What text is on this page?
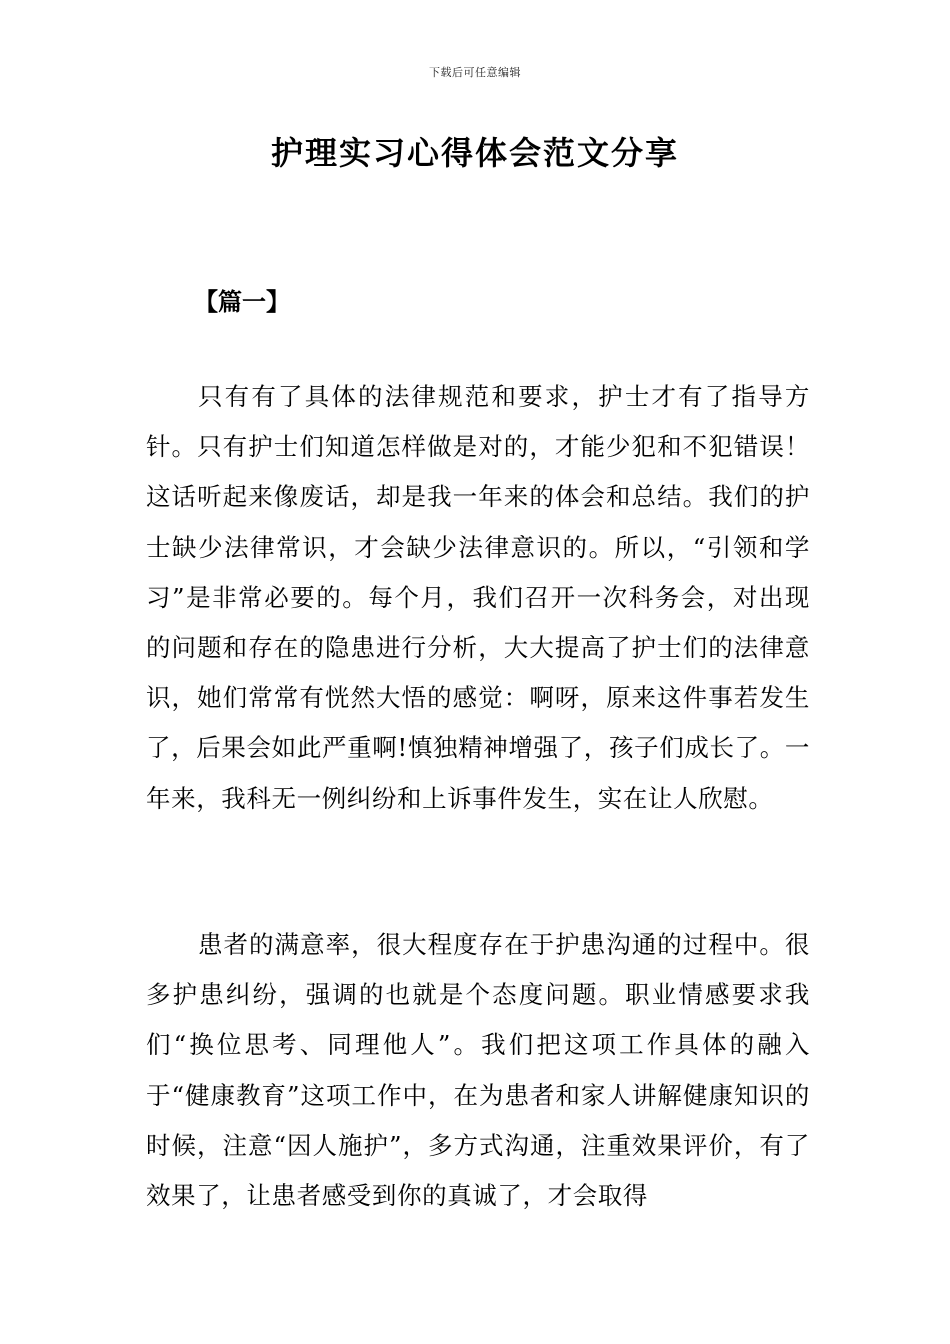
下载后可任意编辑
护理实习心得体会范文分享
【篇一】

只有有了具体的法律规范和要求，护士才有了指导方针。只有护士们知道怎样做是对的，才能少犯和不犯错误！这话听起来像废话，却是我一年来的体会和总结。我们的护士缺少法律常识，才会缺少法律意识的。所以，“引领和学习”是非常必要的。每个月，我们召开一次科务会，对出现的问题和存在的隐患进行分析，大大提高了护士们的法律意识，她们常常有恍然大悟的感觉：啊呀，原来这件事若发生了，后果会如此严重啊!慎独精神增强了，孩子们成长了。一年来，我科无一例纠纷和上诉事件发生，实在让人欣慰。

患者的满意率，很大程度存在于护患沟通的过程中。很多护患纠纷，强调的也就是个态度问题。职业情感要求我们“换位思考、同理他人”。我们把这项工作具体的融入于“健康教育”这项工作中，在为患者和家人讲解健康知识的时候，注意“因人施护”，多方式沟通，注重效果评价，有了效果了，让患者感受到你的真诚了，才会取得
